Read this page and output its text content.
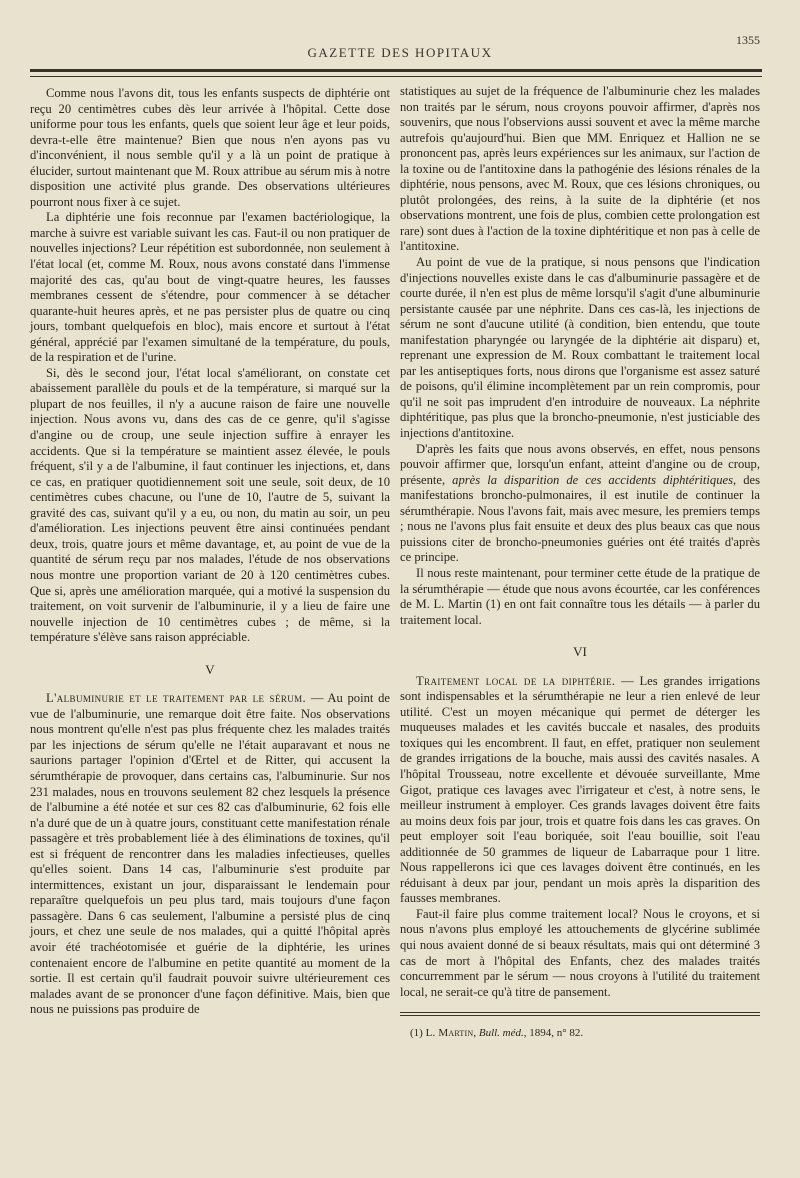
GAZETTE DES HOPITAUX
1355

Comme nous l'avons dit, tous les enfants suspects de diphtérie ont reçu 20 centimètres cubes dès leur arrivée à l'hôpital. Cette dose uniforme pour tous les enfants, quels que soient leur âge et leur poids, devra-t-elle être maintenue? Bien que nous n'en ayons pas vu d'inconvénient, il nous semble qu'il y a là un point de pratique à élucider, surtout maintenant que M. Roux attribue au sérum mis à notre disposition une activité plus grande. Des observations ultérieures pourront nous fixer à ce sujet.

La diphtérie une fois reconnue par l'examen bactériologique, la marche à suivre est variable suivant les cas. Faut-il ou non pratiquer de nouvelles injections? Leur répétition est subordonnée, non seulement à l'état local (et, comme M. Roux, nous avons constaté dans l'immense majorité des cas, qu'au bout de vingt-quatre heures, les fausses membranes cessent de s'étendre, pour commencer à se détacher quarante-huit heures après, et ne pas persister plus de quatre ou cinq jours, tombant quelquefois en bloc), mais encore et surtout à l'état général, apprécié par l'examen simultané de la température, du pouls, de la respiration et de l'urine.

Si, dès le second jour, l'état local s'améliorant, on constate cet abaissement parallèle du pouls et de la température, si marqué sur la plupart de nos feuilles, il n'y a aucune raison de faire une nouvelle injection. Nous avons vu, dans des cas de ce genre, qu'il s'agisse d'angine ou de croup, une seule injection suffire à enrayer les accidents. Que si la température se maintient assez élevée, le pouls fréquent, s'il y a de l'albumine, il faut continuer les injections, et, dans ce cas, en pratiquer quotidiennement soit une seule, soit deux, de 10 centimètres cubes chacune, ou l'une de 10, l'autre de 5, suivant la gravité des cas, suivant qu'il y a eu, ou non, du matin au soir, un peu d'amélioration. Les injections peuvent être ainsi continuées pendant deux, trois, quatre jours et même davantage, et, au point de vue de la quantité de sérum reçu par nos malades, l'étude de nos observations nous montre une proportion variant de 20 à 120 centimètres cubes. Que si, après une amélioration marquée, qui a motivé la suspension du traitement, on voit survenir de l'albuminurie, il y a lieu de faire une nouvelle injection de 10 centimètres cubes ; de même, si la température s'élève sans raison appréciable.

V

L'albuminurie et le traitement par le sérum. — Au point de vue de l'albuminurie, une remarque doit être faite. Nos observations nous montrent qu'elle n'est pas plus fréquente chez les malades traités par les injections de sérum qu'elle ne l'était auparavant et nous ne saurions partager l'opinion d'Œrtel et de Ritter, qui accusent la sérumthérapie de provoquer, dans certains cas, l'albuminurie. Sur nos 231 malades, nous en trouvons seulement 82 chez lesquels la présence de l'albumine a été notée et sur ces 82 cas d'albuminurie, 62 fois elle n'a duré que de un à quatre jours, constituant cette manifestation rénale passagère et très probablement liée à des éliminations de toxines, qu'il est si fréquent de rencontrer dans les maladies infectieuses, quelles qu'elles soient. Dans 14 cas, l'albuminurie s'est produite par intermittences, existant un jour, disparaissant le lendemain pour reparaître quelquefois un peu plus tard, mais toujours d'une façon passagère. Dans 6 cas seulement, l'albumine a persisté plus de cinq jours, et chez une seule de nos malades, qui a quitté l'hôpital après avoir été trachéotomisée et guérie de la diphtérie, les urines contenaient encore de l'albumine en petite quantité au moment de la sortie. Il est certain qu'il faudrait pouvoir suivre ultérieurement ces malades avant de se prononcer d'une façon définitive. Mais, bien que nous ne puissions pas produire de

statistiques au sujet de la fréquence de l'albuminurie chez les malades non traités par le sérum, nous croyons pouvoir affirmer, d'après nos souvenirs, que nous l'observions aussi souvent et avec la même marche autrefois qu'aujourd'hui. Bien que MM. Enriquez et Hallion ne se prononcent pas, après leurs expériences sur les animaux, sur l'action de la toxine ou de l'antitoxine dans la pathogénie des lésions rénales de la diphtérie, nous pensons, avec M. Roux, que ces lésions chroniques, ou plutôt prolongées, des reins, à la suite de la diphtérie (et nos observations montrent, une fois de plus, combien cette prolongation est rare) sont dues à l'action de la toxine diphtéritique et non pas à celle de l'antitoxine.

Au point de vue de la pratique, si nous pensons que l'indication d'injections nouvelles existe dans le cas d'albuminurie passagère et de courte durée, il n'en est plus de même lorsqu'il s'agit d'une albuminurie persistante causée par une néphrite. Dans ces cas-là, les injections de sérum ne sont d'aucune utilité (à condition, bien entendu, que toute manifestation pharyngée ou laryngée de la diphtérie ait disparu) et, reprenant une expression de M. Roux combattant le traitement local par les antiseptiques forts, nous dirons que l'organisme est assez saturé de poisons, qu'il élimine incomplètement par un rein compromis, pour qu'il ne soit pas imprudent d'en introduire de nouveaux. La néphrite diphtéritique, pas plus que la broncho-pneumonie, n'est justiciable des injections d'antitoxine.

D'après les faits que nous avons observés, en effet, nous pensons pouvoir affirmer que, lorsqu'un enfant, atteint d'angine ou de croup, présente, après la disparition de ces accidents diphtéritiques, des manifestations broncho-pulmonaires, il est inutile de continuer la sérumthérapie. Nous l'avons fait, mais avec mesure, les premiers temps ; nous ne l'avons plus fait ensuite et deux des plus beaux cas que nous puissions citer de broncho-pneumonies guéries ont été traités d'après ce principe.

Il nous reste maintenant, pour terminer cette étude de la pratique de la sérumthérapie — étude que nous avons écourtée, car les conférences de M. L. Martin (1) en ont fait connaître tous les détails — à parler du traitement local.

VI

Traitement local de la diphtérie. — Les grandes irrigations sont indispensables et la sérumthérapie ne leur a rien enlevé de leur utilité. C'est un moyen mécanique qui permet de déterger les muqueuses malades et les cavités buccale et nasales, des produits toxiques qui les encombrent. Il faut, en effet, pratiquer non seulement de grandes irrigations de la bouche, mais aussi des cavités nasales. A l'hôpital Trousseau, notre excellente et dévouée surveillante, Mme Gigot, pratique ces lavages avec l'irrigateur et c'est, à notre sens, le meilleur instrument à employer. Ces grands lavages doivent être faits au moins deux fois par jour, trois et quatre fois dans les cas graves. On peut employer soit l'eau boriquée, soit l'eau bouillie, soit l'eau additionnée de 50 grammes de liqueur de Labarraque pour 1 litre. Nous rappellerons ici que ces lavages doivent être continués, en les réduisant à deux par jour, pendant un mois après la disparition des fausses membranes.

Faut-il faire plus comme traitement local? Nous le croyons, et si nous n'avons plus employé les attouchements de glycérine sublimée qui nous avaient donné de si beaux résultats, mais qui ont déterminé 3 cas de mort à l'hôpital des Enfants, chez des malades traités concurremment par le sérum — nous croyons à l'utilité du traitement local, ne serait-ce qu'à titre de pansement.

(1) L. Martin, Bull. méd., 1894, n° 82.
